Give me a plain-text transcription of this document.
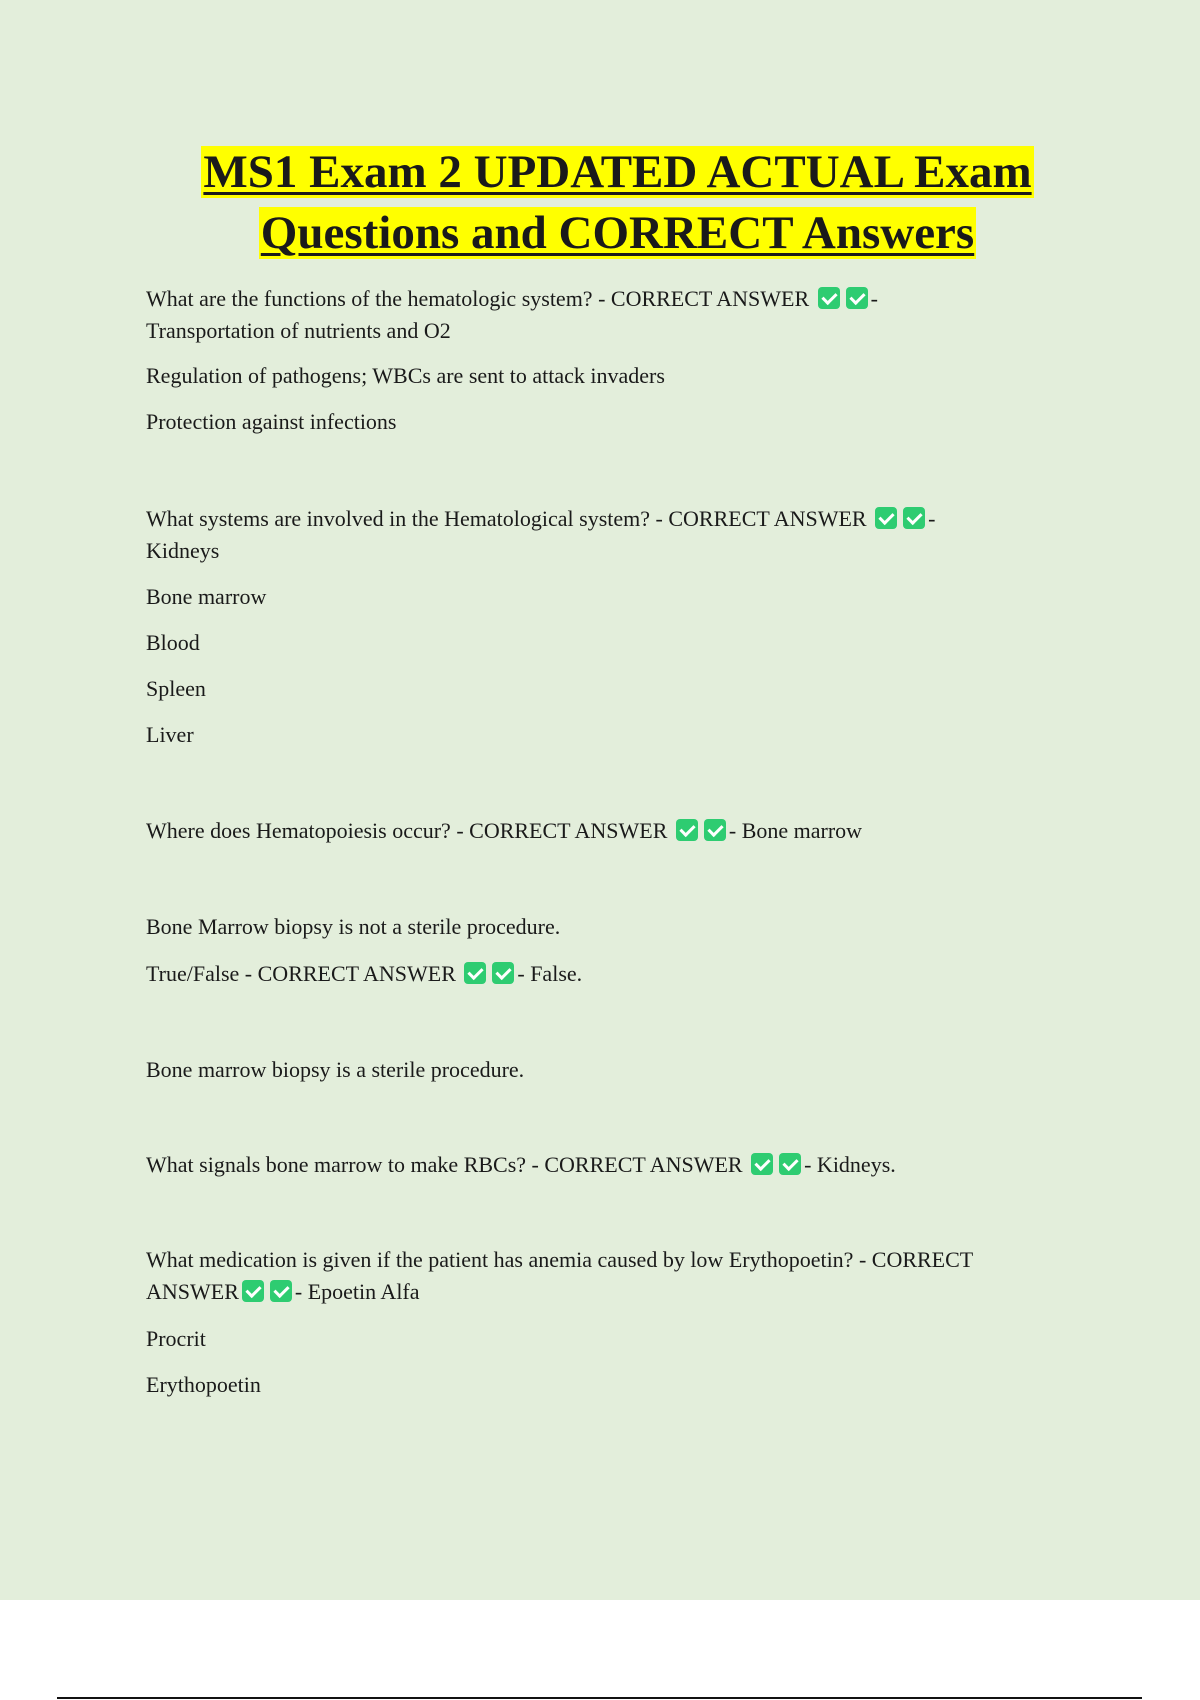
MS1 Exam 2 UPDATED ACTUAL Exam
Questions and CORRECT Answers

What are the functions of the hematologic system? - CORRECT ANSWER	-

Transportation of nutrients and O2

Regulation of pathogens; WBCs are sent to attack invaders

Protection against infections

What systems are involved in the Hematological system? - CORRECT ANSWER	-

Kidneys

Bone marrow

Blood

Spleen

Liver

Where does Hematopoiesis occur? - CORRECT ANSWER	- Bone marrow

Bone Marrow biopsy is not a sterile procedure.

True/False - CORRECT ANSWER	- False.

Bone marrow biopsy is a sterile procedure.

What signals bone marrow to make RBCs? - CORRECT ANSWER	- Kidneys.

What medication is given if the patient has anemia caused by low Erythopoetin? - CORRECT

ANSWER	- Epoetin Alfa

Procrit

Erythopoetin
